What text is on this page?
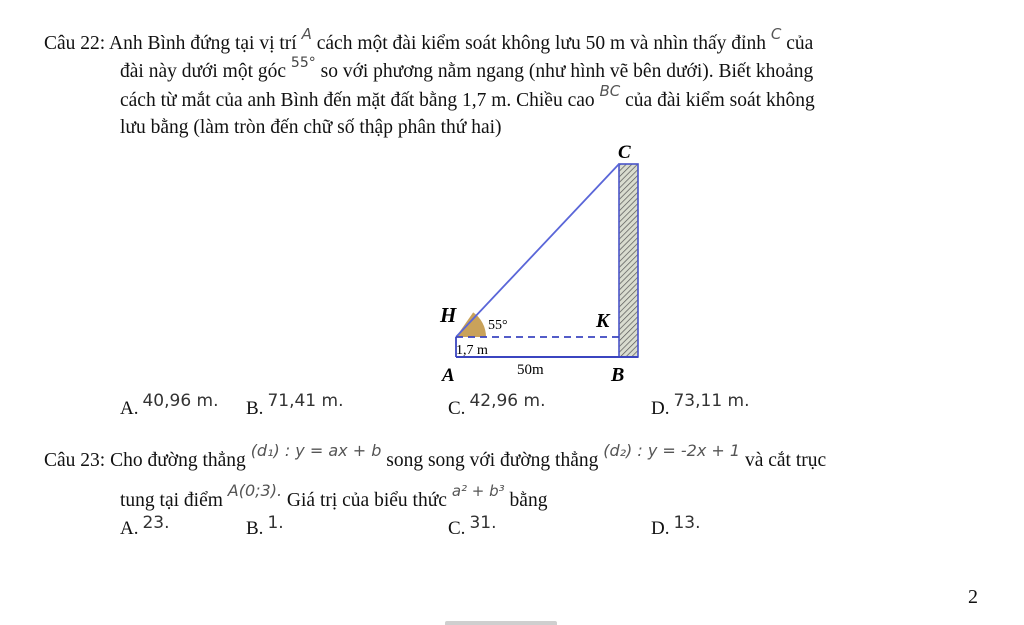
Câu 22: Anh Bình đứng tại vị trí $^A$ cách một đài kiểm soát không lưu 50 m và nhìn thấy đỉnh $^C$ của
đài này dưới một góc $^{55^\circ}$ so với phương nằm ngang (như hình vẽ bên dưới). Biết khoảng
cách từ mắt của anh Bình đến mặt đất bằng 1,7 m. Chiều cao $^{BC}$ của đài kiểm soát không
lưu bằng (làm tròn đến chữ số thập phân thứ hai)
C
H	K
55°
1,7 m
A	50m	B
A. 40,96 m. B. 71,41 m.	C. 42,96 m.	D. 73,11 m.
Câu 23: Cho đường thẳng $^{(d_1) : y = ax + b}$ song song với đường thẳng $^{(d_2) : y = -2x + 1}$ và cắt trục
tung tại điểm $^{A(0;3).}$ Giá trị của biểu thức $^{a^2 + b^3}$ bằng
A. 23.	B. 1.	C. 31.	D. 13.
2
